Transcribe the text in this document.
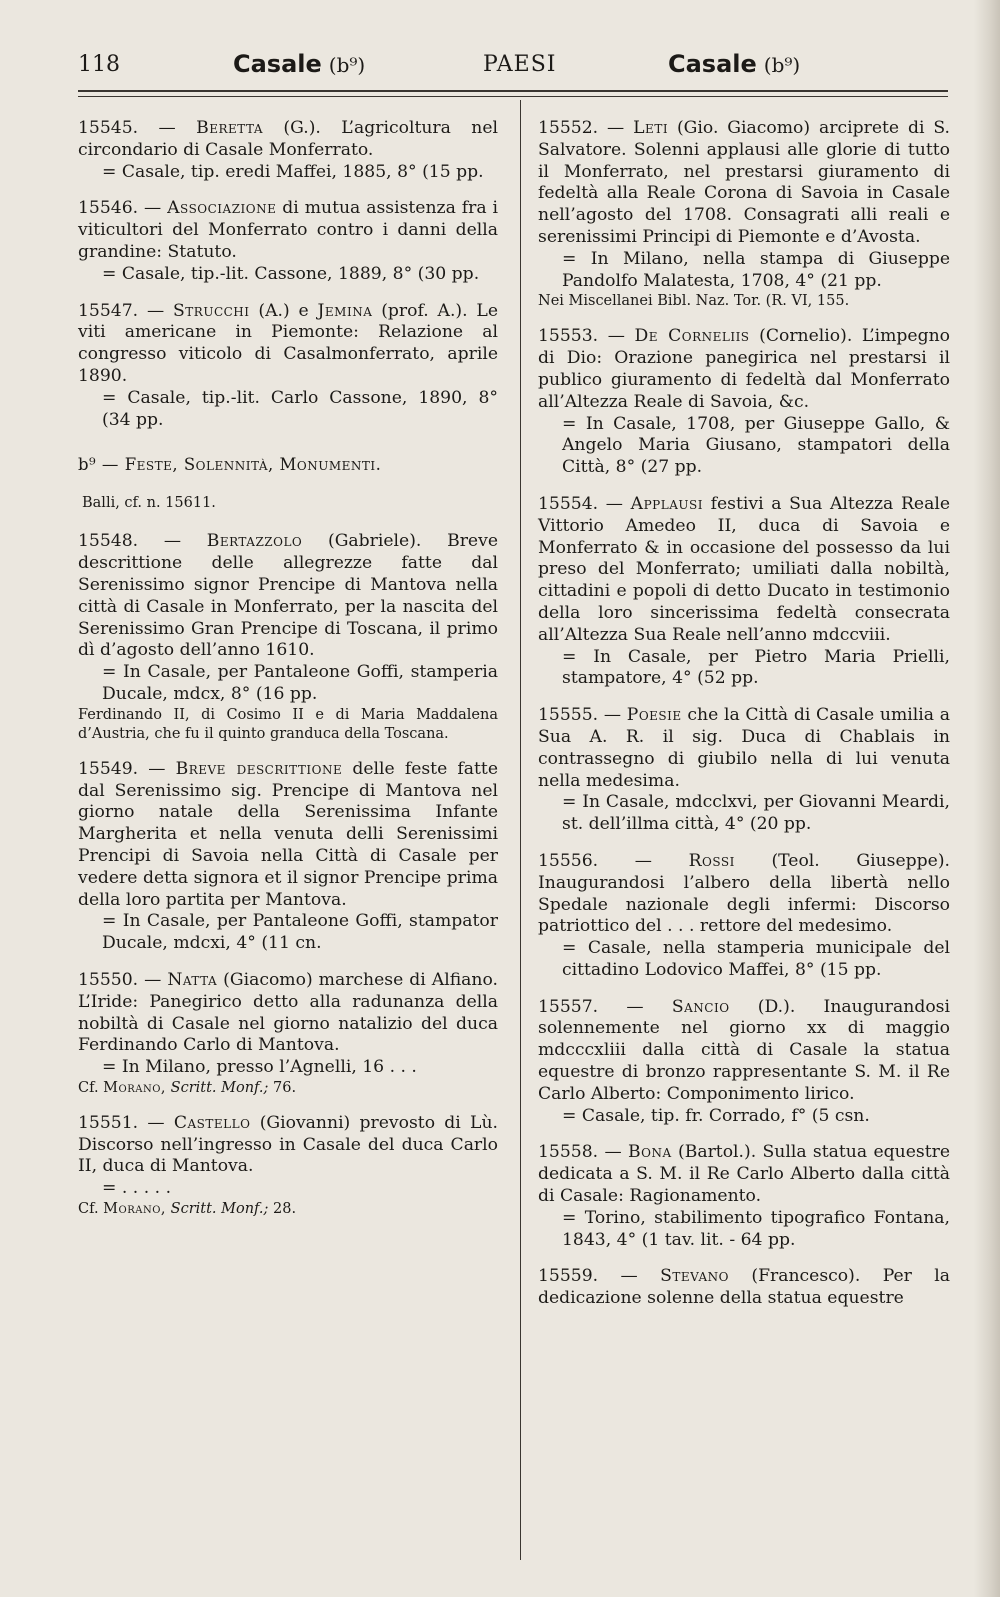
118	Casale (b⁹)	PAESI	Casale (b⁹)

15545. — Beretta (G.). L’agricoltura nel circondario di Casale Monferrato.

= Casale, tip. eredi Maffei, 1885, 8° (15 pp.

15546. — Associazione di mutua assistenza fra i viticultori del Monferrato contro i danni della grandine: Statuto.

= Casale, tip.-lit. Cassone, 1889, 8° (30 pp.

15547. — Strucchi (A.) e Jemina (prof. A.). Le viti americane in Piemonte: Relazione al congresso viticolo di Casalmonferrato, aprile 1890.

= Casale, tip.-lit. Carlo Cassone, 1890, 8° (34 pp.

b⁹ — Feste, Solennità, Monumenti.
Balli, cf. n. 15611.

15548. — Bertazzolo (Gabriele). Breve descrittione delle allegrezze fatte dal Serenissimo signor Prencipe di Mantova nella città di Casale in Monferrato, per la nascita del Serenissimo Gran Prencipe di Toscana, il primo dì d’agosto dell’anno 1610.

= In Casale, per Pantaleone Goffi, stamperia Ducale, mdcx, 8° (16 pp.

Ferdinando II, di Cosimo II e di Maria Maddalena d’Austria, che fu il quinto granduca della Toscana.

15549. — Breve descrittione delle feste fatte dal Serenissimo sig. Prencipe di Mantova nel giorno natale della Serenissima Infante Margherita et nella venuta delli Serenissimi Prencipi di Savoia nella Città di Casale per vedere detta signora et il signor Prencipe prima della loro partita per Mantova.

= In Casale, per Pantaleone Goffi, stampator Ducale, mdcxi, 4° (11 cn.

15550. — Natta (Giacomo) marchese di Alfiano. L’Iride: Panegirico detto alla radunanza della nobiltà di Casale nel giorno natalizio del duca Ferdinando Carlo di Mantova.

= In Milano, presso l’Agnelli, 16 . . .

Cf. Morano, Scritt. Monf.; 76.

15551. — Castello (Giovanni) prevosto di Lù. Discorso nell’ingresso in Casale del duca Carlo II, duca di Mantova.

= . . . . .

Cf. Morano, Scritt. Monf.; 28.

15552. — Leti (Gio. Giacomo) arciprete di S. Salvatore. Solenni applausi alle glorie di tutto il Monferrato, nel prestarsi giuramento di fedeltà alla Reale Corona di Savoia in Casale nell’agosto del 1708. Consagrati alli reali e serenissimi Principi di Piemonte e d’Avosta.

= In Milano, nella stampa di Giuseppe Pandolfo Malatesta, 1708, 4° (21 pp.

Nei Miscellanei Bibl. Naz. Tor. (R. VI, 155.

15553. — De Corneliis (Cornelio). L’impegno di Dio: Orazione panegirica nel prestarsi il publico giuramento di fedeltà dal Monferrato all’Altezza Reale di Savoia, &c.

= In Casale, 1708, per Giuseppe Gallo, & Angelo Maria Giusano, stampatori della Città, 8° (27 pp.

15554. — Applausi festivi a Sua Altezza Reale Vittorio Amedeo II, duca di Savoia e Monferrato & in occasione del possesso da lui preso del Monferrato; umiliati dalla nobiltà, cittadini e popoli di detto Ducato in testimonio della loro sincerissima fedeltà consecrata all’Altezza Sua Reale nell’anno mdccviii.

= In Casale, per Pietro Maria Prielli, stampatore, 4° (52 pp.

15555. — Poesie che la Città di Casale umilia a Sua A. R. il sig. Duca di Chablais in contrassegno di giubilo nella di lui venuta nella medesima.

= In Casale, mdcclxvi, per Giovanni Meardi, st. dell’illma città, 4° (20 pp.

15556. — Rossi (Teol. Giuseppe). Inaugurandosi l’albero della libertà nello Spedale nazionale degli infermi: Discorso patriottico del . . . rettore del medesimo.

= Casale, nella stamperia municipale del cittadino Lodovico Maffei, 8° (15 pp.

15557. — Sancio (D.). Inaugurandosi solennemente nel giorno xx di maggio mdcccxliii dalla città di Casale la statua equestre di bronzo rappresentante S. M. il Re Carlo Alberto: Componimento lirico.

= Casale, tip. fr. Corrado, f° (5 csn.

15558. — Bona (Bartol.). Sulla statua equestre dedicata a S. M. il Re Carlo Alberto dalla città di Casale: Ragionamento.

= Torino, stabilimento tipografico Fontana, 1843, 4° (1 tav. lit. - 64 pp.

15559. — Stevano (Francesco). Per la dedicazione solenne della statua equestre
